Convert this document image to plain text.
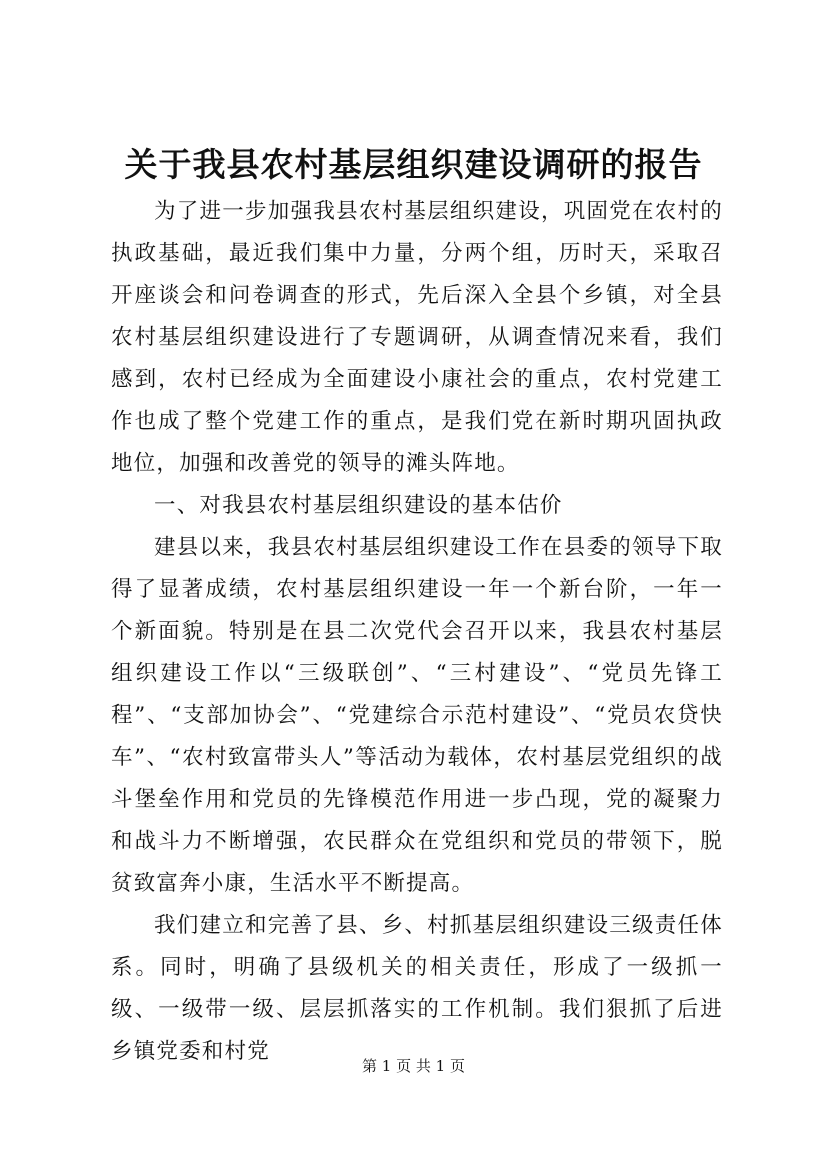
关于我县农村基层组织建设调研的报告

为了进一步加强我县农村基层组织建设，巩固党在农村的执政基础，最近我们集中力量，分两个组，历时天，采取召开座谈会和问卷调查的形式，先后深入全县个乡镇，对全县农村基层组织建设进行了专题调研，从调查情况来看，我们感到，农村已经成为全面建设小康社会的重点，农村党建工作也成了整个党建工作的重点，是我们党在新时期巩固执政地位，加强和改善党的领导的滩头阵地。

一、对我县农村基层组织建设的基本估价

建县以来，我县农村基层组织建设工作在县委的领导下取得了显著成绩，农村基层组织建设一年一个新台阶，一年一个新面貌。特别是在县二次党代会召开以来，我县农村基层组织建设工作以“三级联创”、“三村建设”、“党员先锋工程”、“支部加协会”、“党建综合示范村建设”、“党员农贷快车”、“农村致富带头人”等活动为载体，农村基层党组织的战斗堡垒作用和党员的先锋模范作用进一步凸现，党的凝聚力和战斗力不断增强，农民群众在党组织和党员的带领下，脱贫致富奔小康，生活水平不断提高。

我们建立和完善了县、乡、村抓基层组织建设三级责任体系。同时，明确了县级机关的相关责任，形成了一级抓一级、一级带一级、层层抓落实的工作机制。我们狠抓了后进乡镇党委和村党

第 1 页 共 1 页
